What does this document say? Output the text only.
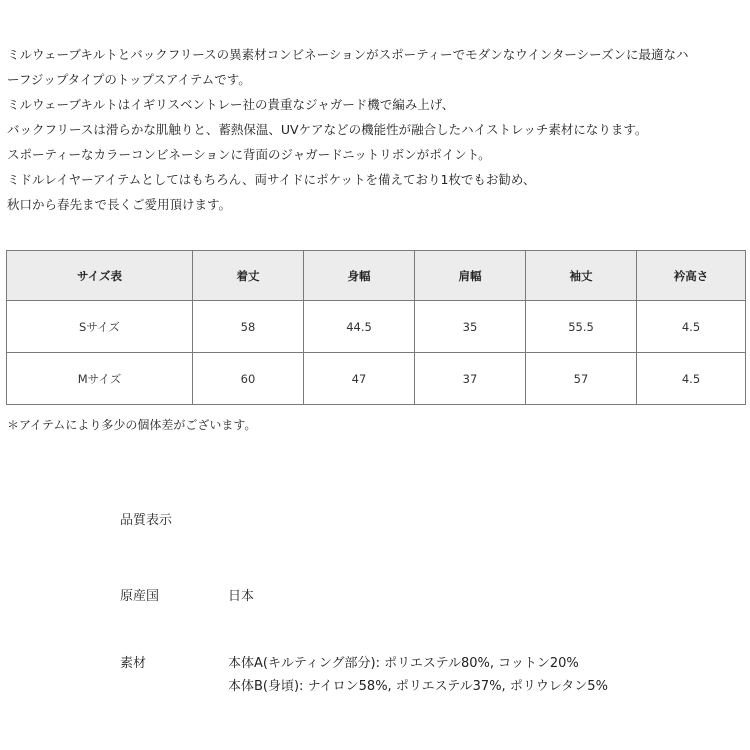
ミルウェーブキルトとバックフリースの異素材コンビネーションがスポーティーでモダンなウインターシーズンに最適なハ
ーフジップタイプのトップスアイテムです。
ミルウェーブキルトはイギリスベントレー社の貴重なジャガード機で編み上げ、
バックフリースは滑らかな肌触りと、蓄熱保温、UVケアなどの機能性が融合したハイストレッチ素材になります。
スポーティーなカラーコンビネーションに背面のジャガードニットリボンがポイント。
ミドルレイヤーアイテムとしてはもちろん、両サイドにポケットを備えており1枚でもお勧め、
秋口から春先まで長くご愛用頂けます。
サイズ表	着丈	身幅	肩幅	袖丈	衿高さ
Sサイズ	58	44.5	35	55.5	4.5
Mサイズ	60	47	37	57	4.5
＊アイテムにより多少の個体差がございます。
品質表示
原産国	日本
素材	本体A(キルティング部分): ポリエステル80%, コットン20%
本体B(身頃): ナイロン58%, ポリエステル37%, ポリウレタン5%
